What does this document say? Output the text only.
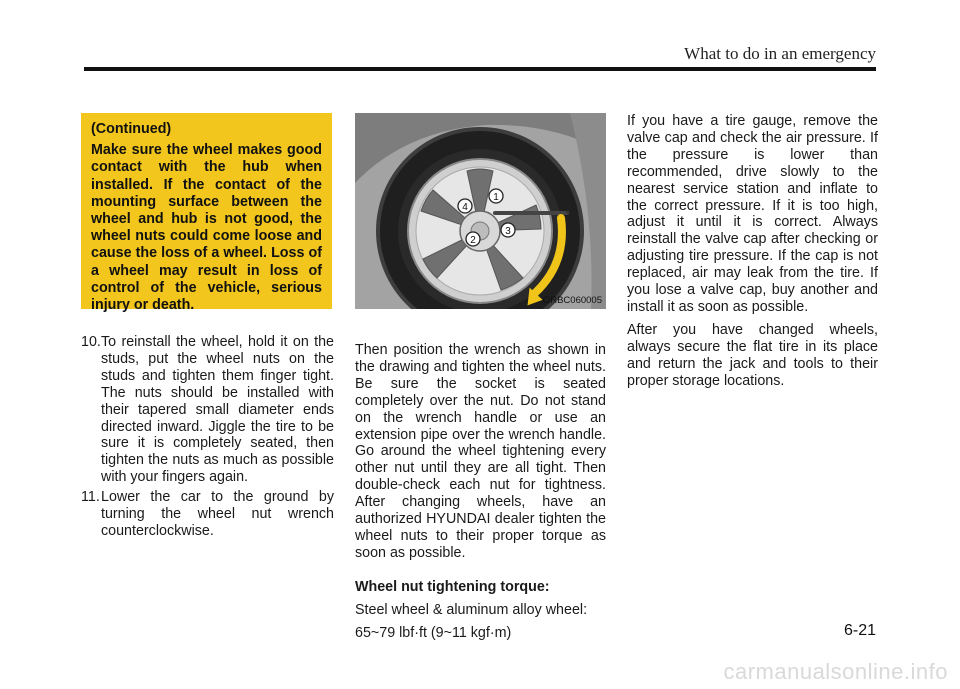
What to do in an emergency
(Continued)
Make sure the wheel makes good contact with the hub when installed. If the contact of the mounting surface between the wheel and hub is not good, the wheel nuts could come loose and cause the loss of a wheel. Loss of a wheel may result in loss of control of the vehicle, serious injury or death.
10. To reinstall the wheel, hold it on the studs, put the wheel nuts on the studs and tighten them finger tight. The nuts should be installed with their tapered small diameter ends directed inward. Jiggle the tire to be sure it is completely seated, then tighten the nuts as much as possible with your fingers again.
11. Lower the car to the ground by turning the wheel nut wrench counterclockwise.
1
2
3
4
ORBC060005

Then position the wrench as shown in the drawing and tighten the wheel nuts. Be sure the socket is seated completely over the nut. Do not stand on the wrench handle or use an extension pipe over the wrench handle. Go around the wheel tightening every other nut until they are all tight. Then double-check each nut for tightness. After changing wheels, have an authorized HYUNDAI dealer tighten the wheel nuts to their proper torque as soon as possible.

Wheel nut tightening torque:

Steel wheel & aluminum alloy wheel:

65~79 lbf·ft (9~11 kgf·m)

If you have a tire gauge, remove the valve cap and check the air pressure. If the pressure is lower than recommended, drive slowly to the nearest service station and inflate to the correct pressure. If it is too high, adjust it until it is correct. Always reinstall the valve cap after checking or adjusting tire pressure. If the cap is not replaced, air may leak from the tire. If you lose a valve cap, buy another and install it as soon as possible.

After you have changed wheels, always secure the flat tire in its place and return the jack and tools to their proper storage locations.

6-21
carmanualsonline.info
